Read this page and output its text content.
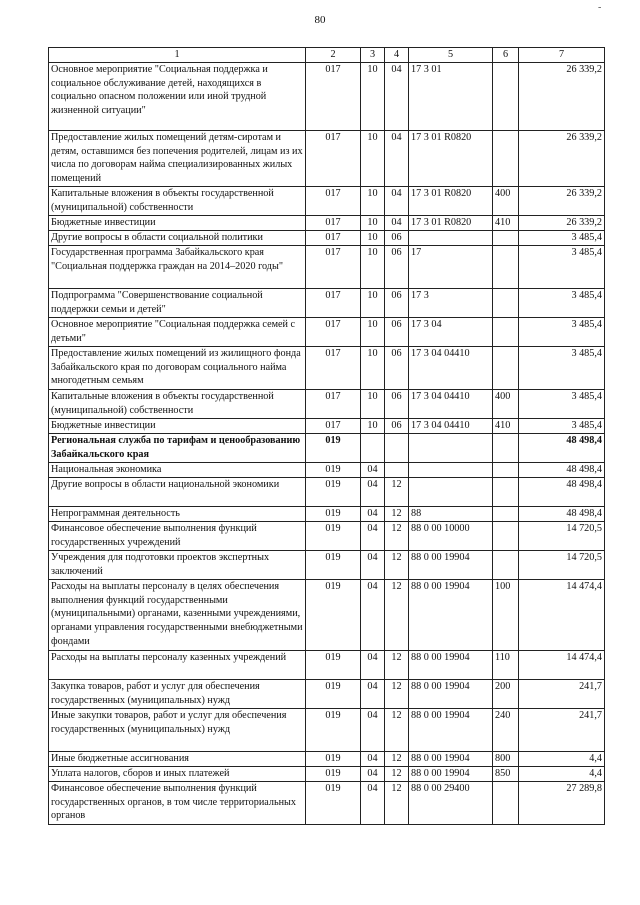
-
80
1	2	3	4	5	6	7
Основное мероприятие "Социальная поддержка и социальное обслуживание детей, находящихся в социально опасном положении или иной трудной жизненной ситуации"	017	10	04	17 3 01		26 339,2
Предоставление жилых помещений детям-сиротам и детям, оставшимся без попечения родителей, лицам из их числа по договорам найма специализированных жилых помещений	017	10	04	17 3 01 R0820		26 339,2
Капитальные вложения в объекты государственной (муниципальной) собственности	017	10	04	17 3 01 R0820	400	26 339,2
Бюджетные инвестиции	017	10	04	17 3 01 R0820	410	26 339,2
Другие вопросы в области социальной политики	017	10	06			3 485,4
Государственная программа Забайкальского края "Социальная поддержка граждан на 2014–2020 годы"	017	10	06	17		3 485,4
Подпрограмма "Совершенствование социальной поддержки семьи и детей"	017	10	06	17 3		3 485,4
Основное мероприятие "Социальная поддержка семей с детьми"	017	10	06	17 3 04		3 485,4
Предоставление жилых помещений из жилищного фонда Забайкальского края по договорам социального найма многодетным семьям	017	10	06	17 3 04 04410		3 485,4
Капитальные вложения в объекты государственной (муниципальной) собственности	017	10	06	17 3 04 04410	400	3 485,4
Бюджетные инвестиции	017	10	06	17 3 04 04410	410	3 485,4
Региональная служба по тарифам и ценообразованию Забайкальского края	019					48 498,4
Национальная экономика	019	04				48 498,4
Другие вопросы в области национальной экономики	019	04	12			48 498,4
Непрограммная деятельность	019	04	12	88		48 498,4
Финансовое обеспечение выполнения функций государственных учреждений	019	04	12	88 0 00 10000		14 720,5
Учреждения для подготовки проектов экспертных заключений	019	04	12	88 0 00 19904		14 720,5
Расходы на выплаты персоналу в целях обеспечения выполнения функций государственными (муниципальными) органами, казенными учреждениями, органами управления государственными внебюджетными фондами	019	04	12	88 0 00 19904	100	14 474,4
Расходы на выплаты персоналу казенных учреждений	019	04	12	88 0 00 19904	110	14 474,4
Закупка товаров, работ и услуг для обеспечения государственных (муниципальных) нужд	019	04	12	88 0 00 19904	200	241,7
Иные закупки товаров, работ и услуг для обеспечения государственных (муниципальных) нужд	019	04	12	88 0 00 19904	240	241,7
Иные бюджетные ассигнования	019	04	12	88 0 00 19904	800	4,4
Уплата налогов, сборов и иных платежей	019	04	12	88 0 00 19904	850	4,4
Финансовое обеспечение выполнения функций государственных органов, в том числе территориальных органов	019	04	12	88 0 00 29400		27 289,8
